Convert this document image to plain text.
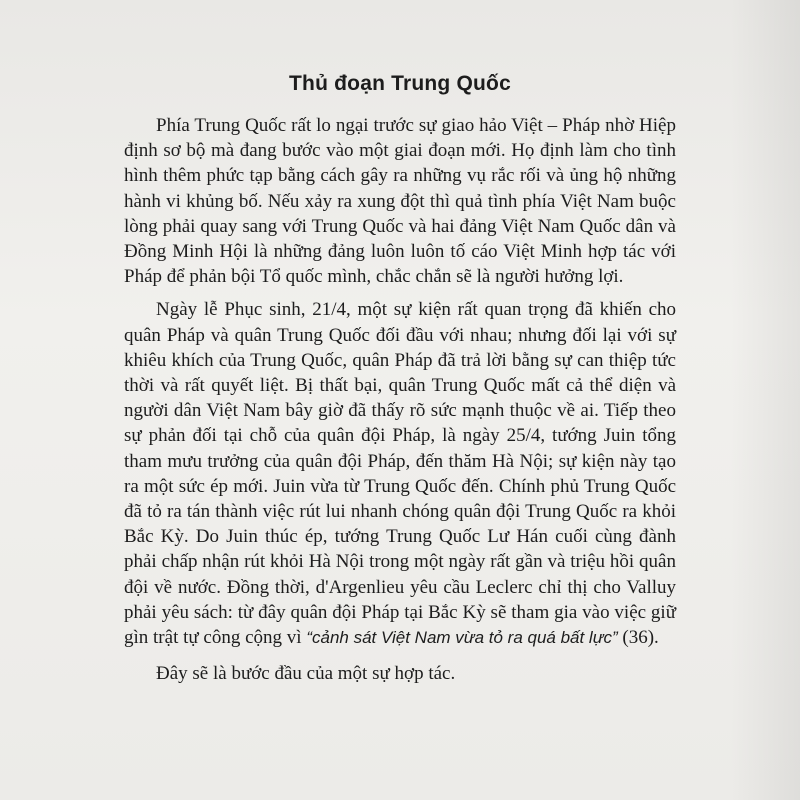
Thủ đoạn Trung Quốc

Phía Trung Quốc rất lo ngại trước sự giao hảo Việt – Pháp nhờ Hiệp định sơ bộ mà đang bước vào một giai đoạn mới. Họ định làm cho tình hình thêm phức tạp bằng cách gây ra những vụ rắc rối và ủng hộ những hành vi khủng bố. Nếu xảy ra xung đột thì quả tình phía Việt Nam buộc lòng phải quay sang với Trung Quốc và hai đảng Việt Nam Quốc dân và Đồng Minh Hội là những đảng luôn luôn tố cáo Việt Minh hợp tác với Pháp để phản bội Tổ quốc mình, chắc chắn sẽ là người hưởng lợi.

Ngày lễ Phục sinh, 21/4, một sự kiện rất quan trọng đã khiến cho quân Pháp và quân Trung Quốc đối đầu với nhau; nhưng đối lại với sự khiêu khích của Trung Quốc, quân Pháp đã trả lời bằng sự can thiệp tức thời và rất quyết liệt. Bị thất bại, quân Trung Quốc mất cả thể diện và người dân Việt Nam bây giờ đã thấy rõ sức mạnh thuộc về ai. Tiếp theo sự phản đối tại chỗ của quân đội Pháp, là ngày 25/4, tướng Juin tổng tham mưu trưởng của quân đội Pháp, đến thăm Hà Nội; sự kiện này tạo ra một sức ép mới. Juin vừa từ Trung Quốc đến. Chính phủ Trung Quốc đã tỏ ra tán thành việc rút lui nhanh chóng quân đội Trung Quốc ra khỏi Bắc Kỳ. Do Juin thúc ép, tướng Trung Quốc Lư Hán cuối cùng đành phải chấp nhận rút khỏi Hà Nội trong một ngày rất gần và triệu hồi quân đội về nước. Đồng thời, d'Argenlieu yêu cầu Leclerc chỉ thị cho Valluy phải yêu sách: từ đây quân đội Pháp tại Bắc Kỳ sẽ tham gia vào việc giữ gìn trật tự công cộng vì “cảnh sát Việt Nam vừa tỏ ra quá bất lực” (36).

Đây sẽ là bước đầu của một sự hợp tác.
